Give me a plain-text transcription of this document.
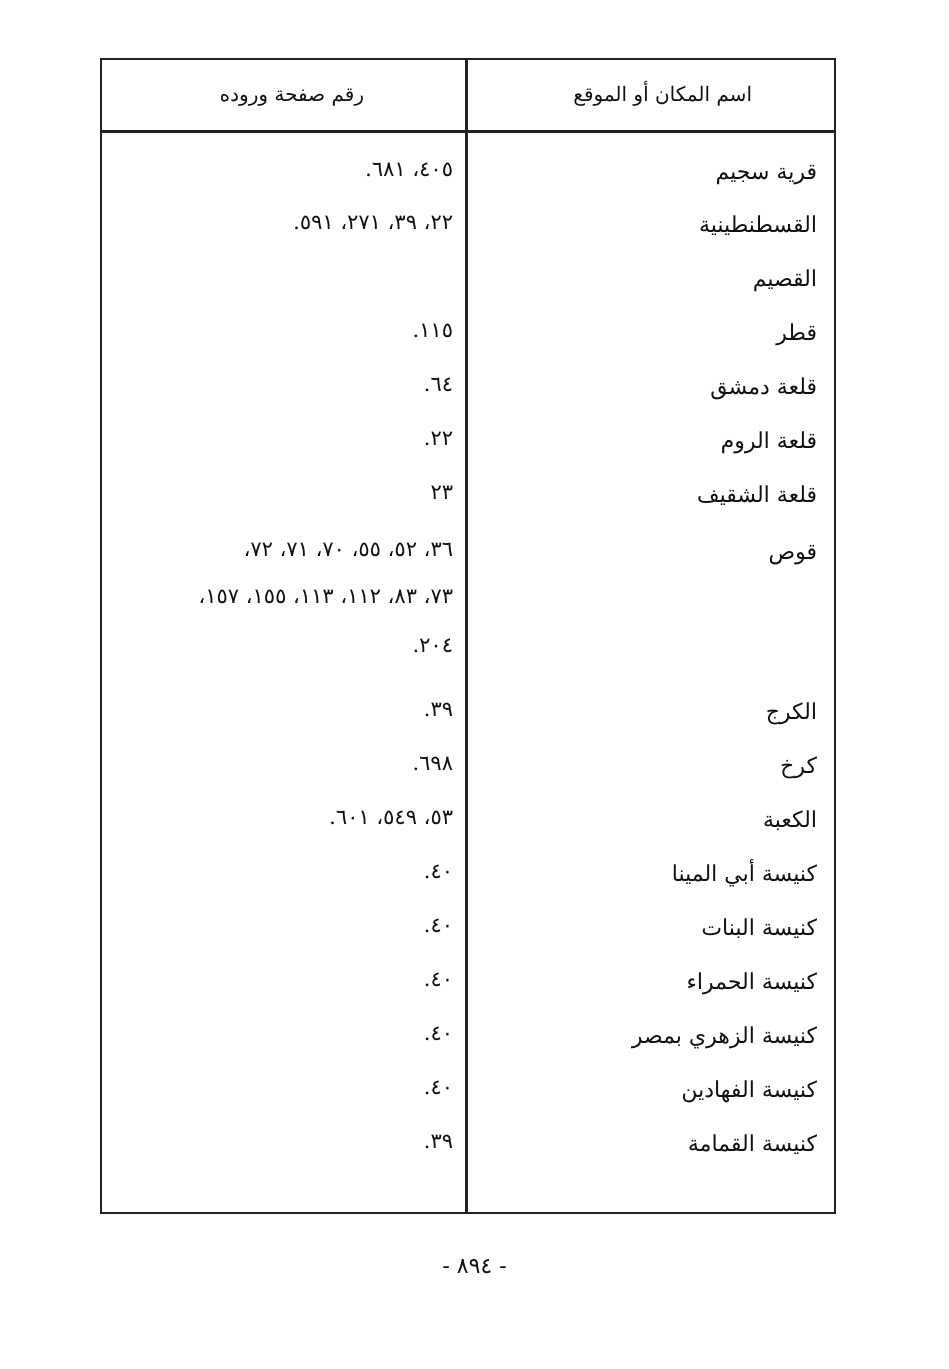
اسم المكان أو الموقع
رقم صفحة وروده
قرية سجيم
٤٠٥، ٦٨١.
القسطنطينية
٢٢، ٣٩، ٢٧١، ٥٩١.
القصيم
قطر
١١٥.
قلعة دمشق
٦٤.
قلعة الروم
٢٢.
قلعة الشقيف
٢٣
قوص
٣٦، ٥٢، ٥٥، ٧٠، ٧١، ٧٢،
٧٣، ٨٣، ١١٢، ١١٣، ١٥٥، ١٥٧،
٢٠٤.
الكرج
٣٩.
كرخ
٦٩٨.
الكعبة
٥٣، ٥٤٩، ٦٠١.
كنيسة أبي المينا
٤٠.
كنيسة البنات
٤٠.
كنيسة الحمراء
٤٠.
كنيسة الزهري بمصر
٤٠.
كنيسة الفهادين
٤٠.
كنيسة القمامة
٣٩.
- ٨٩٤ -
